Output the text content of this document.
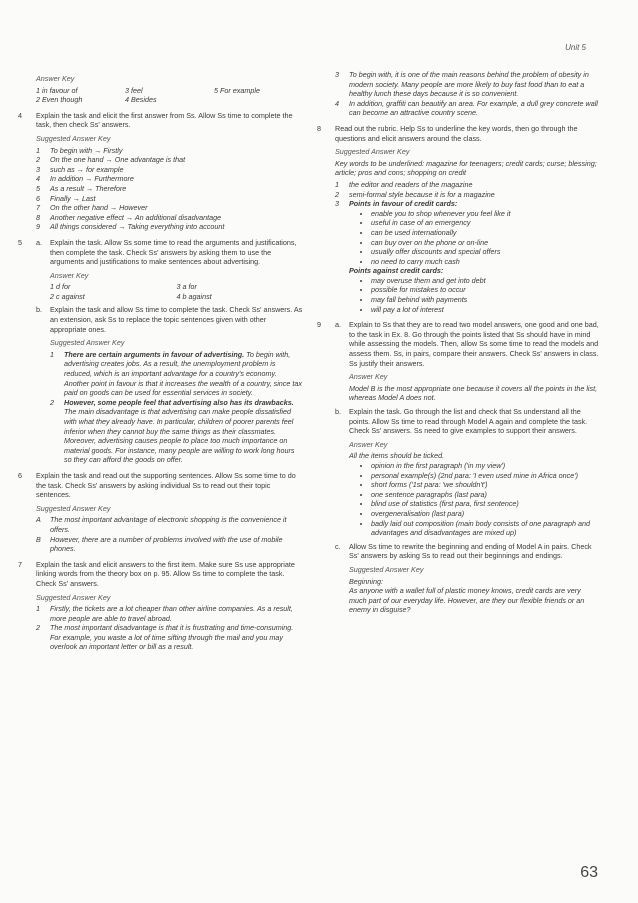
Unit 5
Answer Key
1 in favour of	3 feel	5 For example
2 Even though	4 Besides
4 Explain the task and elicit the first answer from Ss. Allow Ss time to complete the task, then check Ss' answers.
Suggested Answer Key
1 To begin with → Firstly
2 On the one hand → One advantage is that
3 such as → for example
4 In addition → Furthermore
5 As a result → Therefore
6 Finally → Last
7 On the other hand → However
8 Another negative effect → An additional disadvantage
9 All things considered → Taking everything into account
5 a. Explain the task. Allow Ss some time to read the arguments and justifications, then complete the task. Check Ss' answers by asking them to use the arguments and justifications to make sentences about advertising.
Answer Key
1 d for	3 a for
2 c against	4 b against
b. Explain the task and allow Ss time to complete the task. Check Ss' answers. As an extension, ask Ss to replace the topic sentences given with other appropriate ones.
Suggested Answer Key
1 There are certain arguments in favour of advertising. To begin with, advertising creates jobs. As a result, the unemployment problem is reduced, which is an important advantage for a country's economy. Another point in favour is that it increases the wealth of a country, since tax paid on goods can be used for essential services in society.
2 However, some people feel that advertising also has its drawbacks. The main disadvantage is that advertising can make people dissatisfied with what they already have. In particular, children of poorer parents feel inferior when they cannot buy the same things as their classmates. Moreover, advertising causes people to place too much importance on material goods. For instance, many people are willing to work long hours so they can afford the goods on offer.
6 Explain the task and read out the supporting sentences. Allow Ss some time to do the task. Check Ss' answers by asking individual Ss to read out their topic sentences.
Suggested Answer Key
A The most important advantage of electronic shopping is the convenience it offers.
B However, there are a number of problems involved with the use of mobile phones.
7 Explain the task and elicit answers to the first item. Make sure Ss use appropriate linking words from the theory box on p. 95. Allow Ss time to complete the task. Check Ss' answers.
Suggested Answer Key
1 Firstly, the tickets are a lot cheaper than other airline companies. As a result, more people are able to travel abroad.
2 The most important disadvantage is that it is frustrating and time-consuming. For example, you waste a lot of time sifting through the mail and you may overlook an important letter or bill as a result.
3 To begin with, it is one of the main reasons behind the problem of obesity in modern society. Many people are more likely to buy fast food than to eat a healthy lunch these days because it is so convenient.
4 In addition, graffiti can beautify an area. For example, a dull grey concrete wall can become an attractive country scene.
8 Read out the rubric. Help Ss to underline the key words, then go through the questions and elicit answers around the class.
Suggested Answer Key
Key words to be underlined: magazine for teenagers; credit cards; curse; blessing; article; pros and cons; shopping on credit
1 the editor and readers of the magazine
2 semi-formal style because it is for a magazine
3 Points in favour of credit cards:
• enable you to shop whenever you feel like it
• useful in case of an emergency
• can be used internationally
• can buy over on the phone or on-line
• usually offer discounts and special offers
• no need to carry much cash
Points against credit cards:
• may overuse them and get into debt
• possible for mistakes to occur
• may fall behind with payments
• will pay a lot of interest
9 a. Explain to Ss that they are to read two model answers, one good and one bad, to the task in Ex. 8. Go through the points listed that Ss should have in mind while assessing the models. Then, allow Ss some time to read the models and assess them. Ss, in pairs, compare their answers. Check Ss' answers in class. Ss justify their answers.
Answer Key
Model B is the most appropriate one because it covers all the points in the list, whereas Model A does not.
b. Explain the task. Go through the list and check that Ss understand all the points. Allow Ss time to read through Model A again and complete the task. Check Ss' answers. Ss need to give examples to support their answers.
Answer Key
All the items should be ticked.
• opinion in the first paragraph ('in my view')
• personal example(s) (2nd para: 'I even used mine in Africa once')
• short forms ('1st para: 'we shouldn't')
• one sentence paragraphs (last para)
• blind use of statistics (first para, first sentence)
• overgeneralisation (last para)
• badly laid out composition (main body consists of one paragraph and advantages and disadvantages are mixed up)
c. Allow Ss time to rewrite the beginning and ending of Model A in pairs. Check Ss' answers by asking Ss to read out their beginnings and endings.
Suggested Answer Key
Beginning:
As anyone with a wallet full of plastic money knows, credit cards are very much part of our everyday life. However, are they our flexible friends or an enemy in disguise?
63
